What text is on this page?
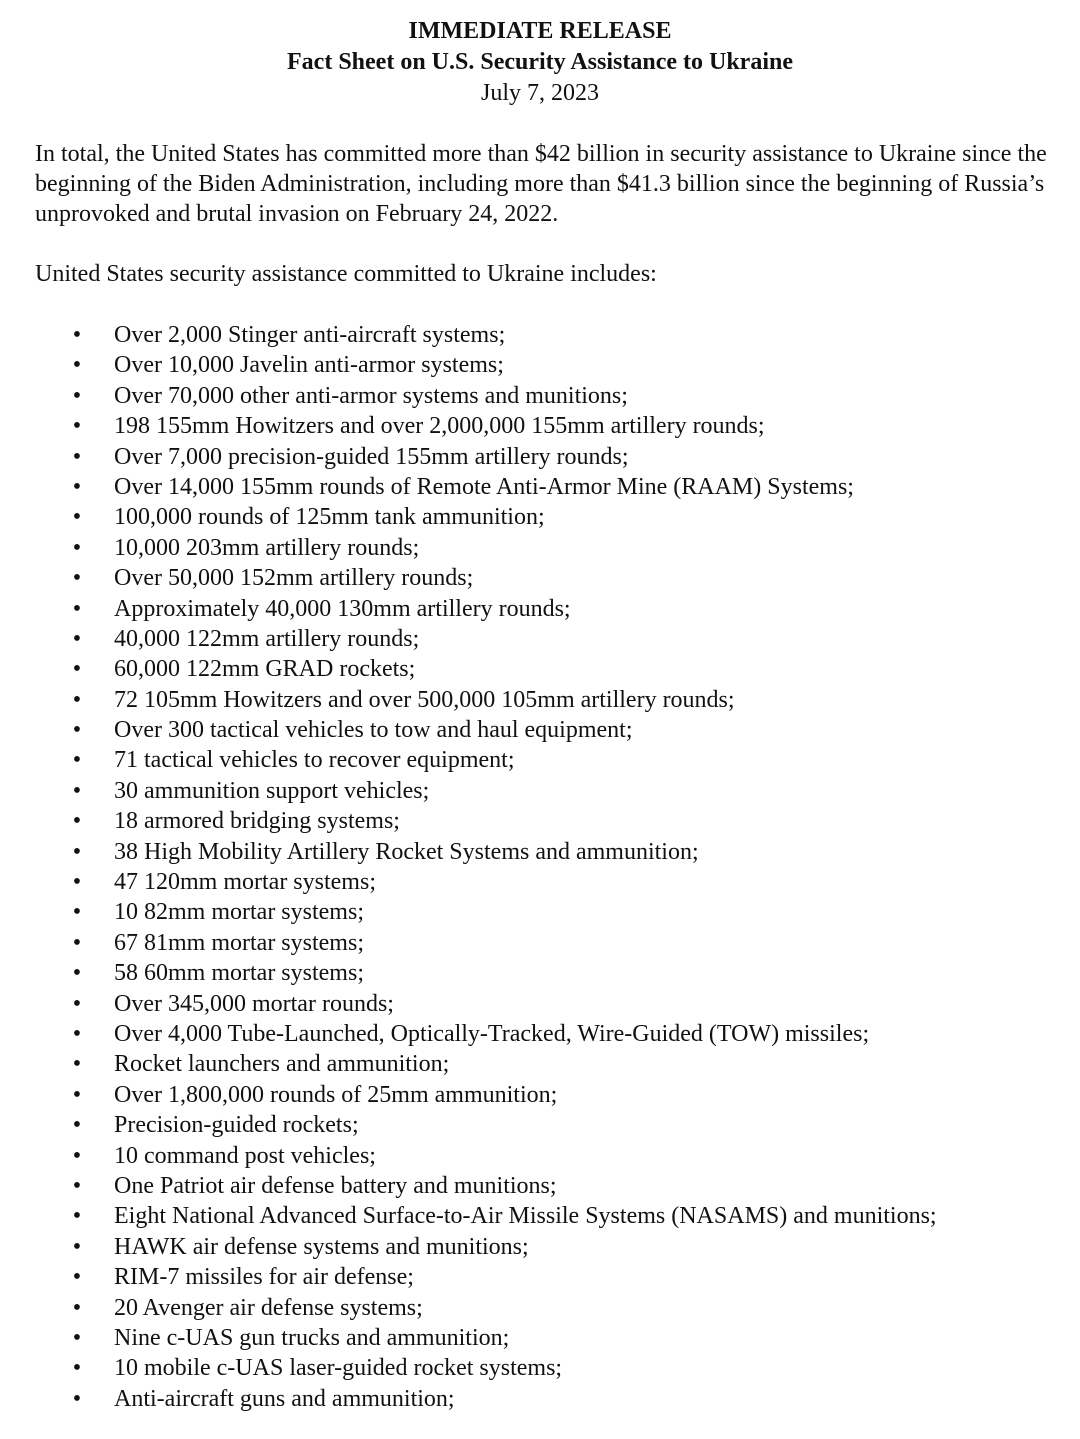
IMMEDIATE RELEASE
Fact Sheet on U.S. Security Assistance to Ukraine
July 7, 2023

In total, the United States has committed more than $42 billion in security assistance to Ukraine since the beginning of the Biden Administration, including more than $41.3 billion since the beginning of Russia’s unprovoked and brutal invasion on February 24, 2022.

United States security assistance committed to Ukraine includes:

• Over 2,000 Stinger anti-aircraft systems;
• Over 10,000 Javelin anti-armor systems;
• Over 70,000 other anti-armor systems and munitions;
• 198 155mm Howitzers and over 2,000,000 155mm artillery rounds;
• Over 7,000 precision-guided 155mm artillery rounds;
• Over 14,000 155mm rounds of Remote Anti-Armor Mine (RAAM) Systems;
• 100,000 rounds of 125mm tank ammunition;
• 10,000 203mm artillery rounds;
• Over 50,000 152mm artillery rounds;
• Approximately 40,000 130mm artillery rounds;
• 40,000 122mm artillery rounds;
• 60,000 122mm GRAD rockets;
• 72 105mm Howitzers and over 500,000 105mm artillery rounds;
• Over 300 tactical vehicles to tow and haul equipment;
• 71 tactical vehicles to recover equipment;
• 30 ammunition support vehicles;
• 18 armored bridging systems;
• 38 High Mobility Artillery Rocket Systems and ammunition;
• 47 120mm mortar systems;
• 10 82mm mortar systems;
• 67 81mm mortar systems;
• 58 60mm mortar systems;
• Over 345,000 mortar rounds;
• Over 4,000 Tube-Launched, Optically-Tracked, Wire-Guided (TOW) missiles;
• Rocket launchers and ammunition;
• Over 1,800,000 rounds of 25mm ammunition;
• Precision-guided rockets;
• 10 command post vehicles;
• One Patriot air defense battery and munitions;
• Eight National Advanced Surface-to-Air Missile Systems (NASAMS) and munitions;
• HAWK air defense systems and munitions;
• RIM-7 missiles for air defense;
• 20 Avenger air defense systems;
• Nine c-UAS gun trucks and ammunition;
• 10 mobile c-UAS laser-guided rocket systems;
• Anti-aircraft guns and ammunition;
